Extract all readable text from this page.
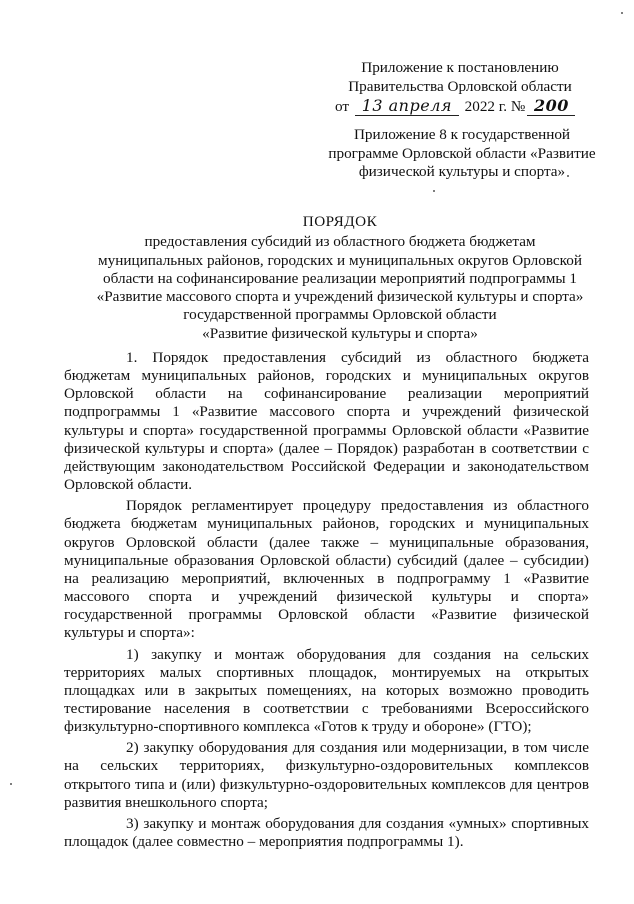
Приложение к постановлению
Правительства Орловской области
от 13 апреля 2022 г. № 200
Приложение 8 к государственной
программе Орловской области «Развитие
физической культуры и спорта»
ПОРЯДОК
предоставления субсидий из областного бюджета бюджетам
муниципальных районов, городских и муниципальных округов Орловской
области на софинансирование реализации мероприятий подпрограммы 1
«Развитие массового спорта и учреждений физической культуры и спорта»
государственной программы Орловской области
«Развитие физической культуры и спорта»

1. Порядок предоставления субсидий из областного бюджета бюджетам муниципальных районов, городских и муниципальных округов Орловской области на софинансирование реализации мероприятий подпрограммы 1 «Развитие массового спорта и учреждений физической культуры и спорта» государственной программы Орловской области «Развитие физической культуры и спорта» (далее – Порядок) разработан в соответствии с действующим законодательством Российской Федерации и законодательством Орловской области.

Порядок регламентирует процедуру предоставления из областного бюджета бюджетам муниципальных районов, городских и муниципальных округов Орловской области (далее также – муниципальные образования, муниципальные образования Орловской области) субсидий (далее – субсидии) на реализацию мероприятий, включенных в подпрограмму 1 «Развитие массового спорта и учреждений физической культуры и спорта» государственной программы Орловской области «Развитие физической культуры и спорта»:

1) закупку и монтаж оборудования для создания на сельских территориях малых спортивных площадок, монтируемых на открытых площадках или в закрытых помещениях, на которых возможно проводить тестирование населения в соответствии с требованиями Всероссийского физкультурно-спортивного комплекса «Готов к труду и обороне» (ГТО);

2) закупку оборудования для создания или модернизации, в том числе на сельских территориях, физкультурно-оздоровительных комплексов открытого типа и (или) физкультурно-оздоровительных комплексов для центров развития внешкольного спорта;

3) закупку и монтаж оборудования для создания «умных» спортивных площадок (далее совместно – мероприятия подпрограммы 1).
